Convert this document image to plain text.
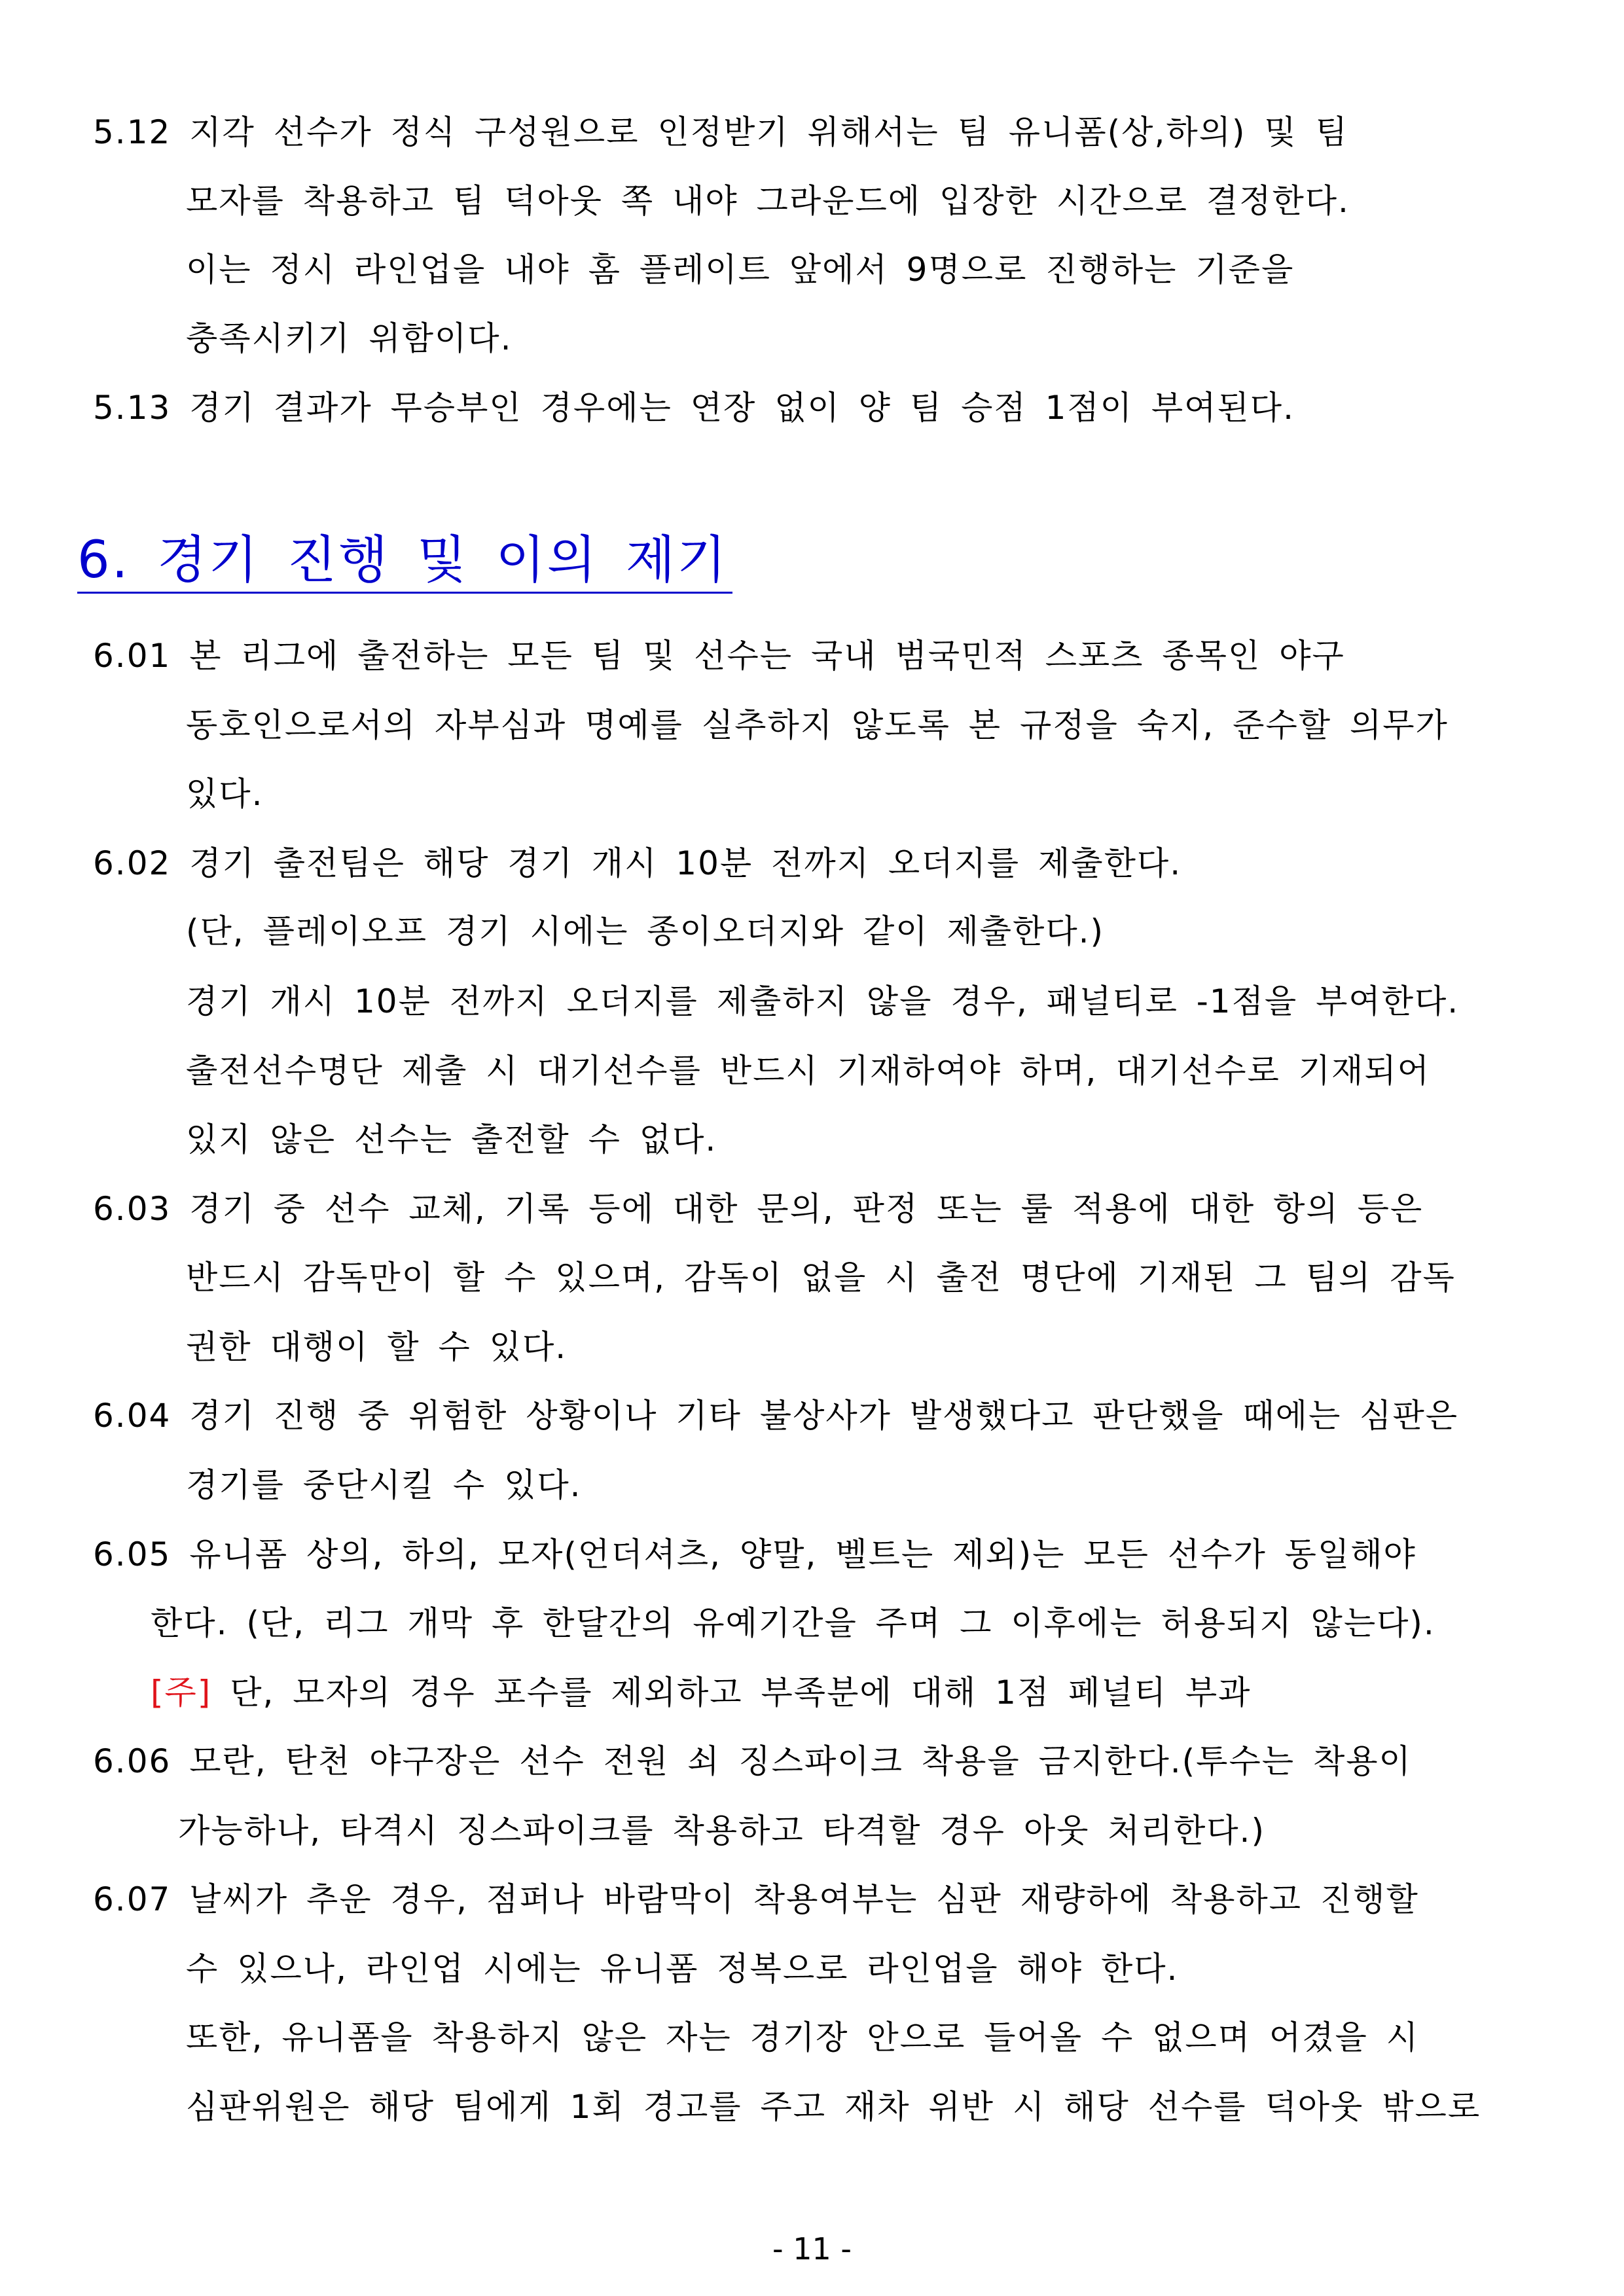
5.12 지각 선수가 정식 구성원으로 인정받기 위해서는 팀 유니폼(상,하의) 및 팀
모자를 착용하고 팀 덕아웃 쪽 내야 그라운드에 입장한 시간으로 결정한다.
이는 정시 라인업을 내야 홈 플레이트 앞에서 9명으로 진행하는 기준을
충족시키기 위함이다.
5.13 경기 결과가 무승부인 경우에는 연장 없이 양 팀 승점 1점이 부여된다.
6. 경기 진행 및 이의 제기
6.01 본 리그에 출전하는 모든 팀 및 선수는 국내 범국민적 스포츠 종목인 야구
동호인으로서의 자부심과 명예를 실추하지 않도록 본 규정을 숙지, 준수할 의무가
있다.
6.02 경기 출전팀은 해당 경기 개시 10분 전까지 오더지를 제출한다.
(단, 플레이오프 경기 시에는 종이오더지와 같이 제출한다.)
경기 개시 10분 전까지 오더지를 제출하지 않을 경우, 패널티로 -1점을 부여한다.
출전선수명단 제출 시 대기선수를 반드시 기재하여야 하며, 대기선수로 기재되어
있지 않은 선수는 출전할 수 없다.
6.03 경기 중 선수 교체, 기록 등에 대한 문의, 판정 또는 룰 적용에 대한 항의 등은
반드시 감독만이 할 수 있으며, 감독이 없을 시 출전 명단에 기재된 그 팀의 감독
권한 대행이 할 수 있다.
6.04 경기 진행 중 위험한 상황이나 기타 불상사가 발생했다고 판단했을 때에는 심판은
경기를 중단시킬 수 있다.
6.05 유니폼 상의, 하의, 모자(언더셔츠, 양말, 벨트는 제외)는 모든 선수가 동일해야
한다. (단, 리그 개막 후 한달간의 유예기간을 주며 그 이후에는 허용되지 않는다).
[주] 단, 모자의 경우 포수를 제외하고 부족분에 대해 1점 페널티 부과
6.06 모란, 탄천 야구장은 선수 전원 쇠 징스파이크 착용을 금지한다.(투수는 착용이
가능하나, 타격시 징스파이크를 착용하고 타격할 경우 아웃 처리한다.)
6.07 날씨가 추운 경우, 점퍼나 바람막이 착용여부는 심판 재량하에 착용하고 진행할
수 있으나, 라인업 시에는 유니폼 정복으로 라인업을 해야 한다.
또한, 유니폼을 착용하지 않은 자는 경기장 안으로 들어올 수 없으며 어겼을 시
심판위원은 해당 팀에게 1회 경고를 주고 재차 위반 시 해당 선수를 덕아웃 밖으로
- 11 -
